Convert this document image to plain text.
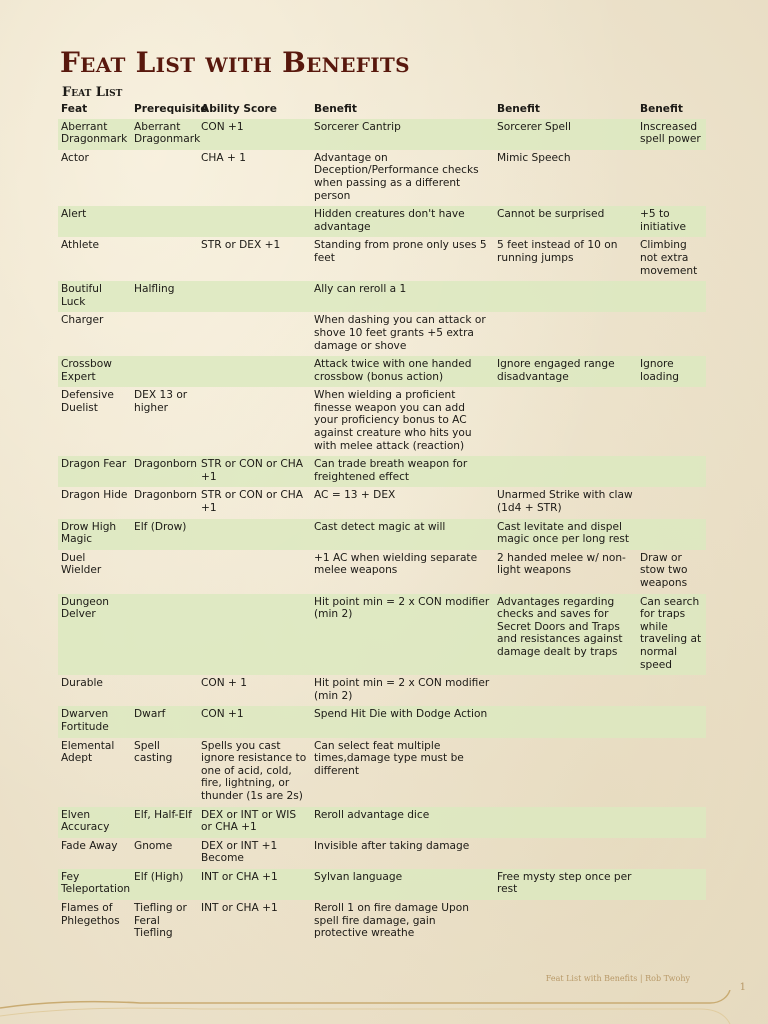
Feat List with Benefits
Feat List
Feat	Prerequisite	Ability Score	Benefit	Benefit	Benefit
Aberrant Dragonmark	Aberrant Dragonmark	CON +1	Sorcerer Cantrip	Sorcerer Spell	Inscreased spell power
Actor		CHA + 1	Advantage on Deception/Performance checks when passing as a different person	Mimic Speech	
Alert			Hidden creatures don't have advantage	Cannot be surprised	+5 to initiative
Athlete		STR or DEX +1	Standing from prone only uses 5 feet	5 feet instead of 10 on running jumps	Climbing not extra movement
Boutiful Luck	Halfling		Ally can reroll a 1		
Charger			When dashing you can attack or shove 10 feet grants +5 extra damage or shove		
Crossbow Expert			Attack twice with one handed crossbow (bonus action)	Ignore engaged range disadvantage	Ignore loading
Defensive Duelist	DEX 13 or higher		When wielding a proficient finesse weapon you can add your proficiency bonus to AC against creature who hits you with melee attack (reaction)		
Dragon Fear	Dragonborn	STR or CON or CHA +1	Can trade breath weapon for freightened effect		
Dragon Hide	Dragonborn	STR or CON or CHA +1	AC = 13 + DEX	Unarmed Strike with claw (1d4 + STR)	
Drow High Magic	Elf (Drow)		Cast detect magic at will	Cast levitate and dispel magic once per long rest	
Duel Wielder			+1 AC when wielding separate melee weapons	2 handed melee w/ non-light weapons	Draw or stow two weapons
Dungeon Delver			Hit point min = 2 x CON modifier (min 2)	Advantages regarding checks and saves for Secret Doors and Traps and resistances against damage dealt by traps	Can search for traps while traveling at normal speed
Durable		CON + 1	Hit point min = 2 x CON modifier (min 2)		
Dwarven Fortitude	Dwarf	CON +1	Spend Hit Die with Dodge Action		
Elemental Adept	Spell casting	Spells you cast ignore resistance to one of acid, cold, fire, lightning, or thunder (1s are 2s)	Can select feat multiple times,damage type must be different		
Elven Accuracy	Elf, Half-Elf	DEX or INT or WIS or CHA +1	Reroll advantage dice		
Fade Away	Gnome	DEX or INT +1 Become	Invisible after taking damage		
Fey Teleportation	Elf (High)	INT or CHA +1	Sylvan language	Free mysty step once per rest	
Flames of Phlegethos	Tiefling or Feral Tiefling	INT or CHA +1	Reroll 1 on fire damage Upon spell fire damage, gain protective wreathe		
Feat List with Benefits | Rob Twohy
1
